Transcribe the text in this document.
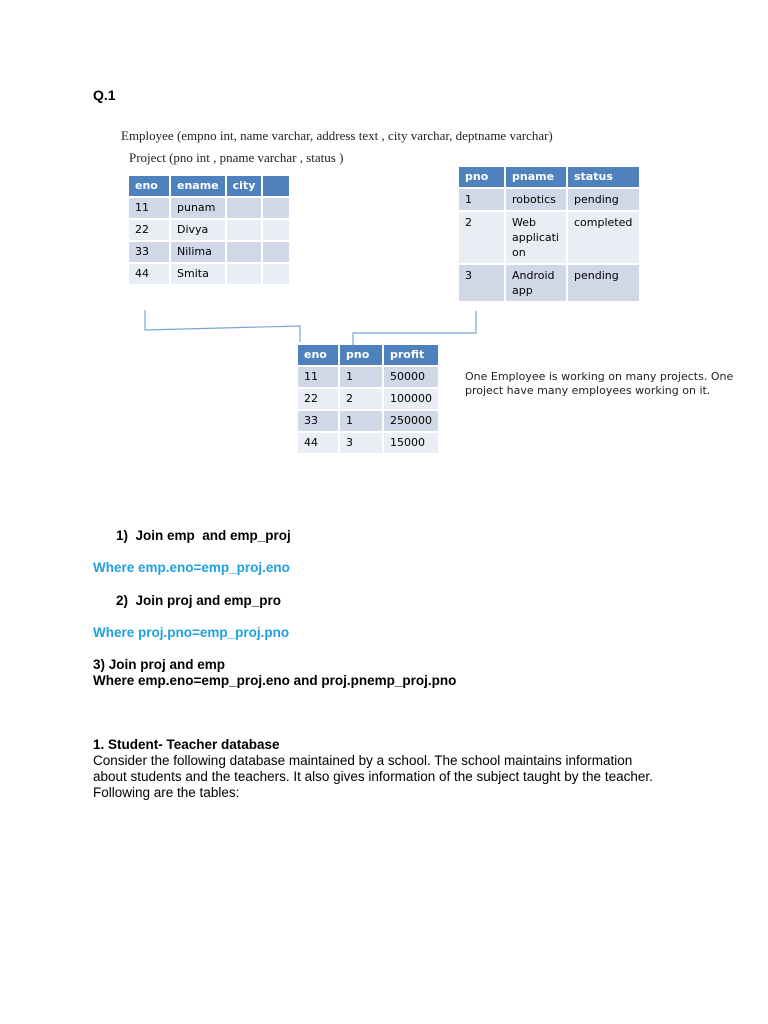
Q.1
Employee (empno int, name varchar, address text , city varchar, deptname varchar)
Project (pno int , pname varchar , status )
eno	ename	city	
11	punam		
22	Divya		
33	Nilima		
44	Smita		
pno	pname	status
1	robotics	pending
2	Web applicati on	completed
3	Android app	pending
eno	pno	profit
11	1	50000
22	2	100000
33	1	250000
44	3	15000
One Employee is working on many projects. One project have many employees working on it.
1)  Join emp  and emp_proj
Where emp.eno=emp_proj.eno
2)  Join proj and emp_pro
Where proj.pno=emp_proj.pno
3) Join proj and emp
Where emp.eno=emp_proj.eno and proj.pnemp_proj.pno
1. Student- Teacher database
Consider the following database maintained by a school. The school maintains information
about students and the teachers. It also gives information of the subject taught by the teacher.
Following are the tables:
